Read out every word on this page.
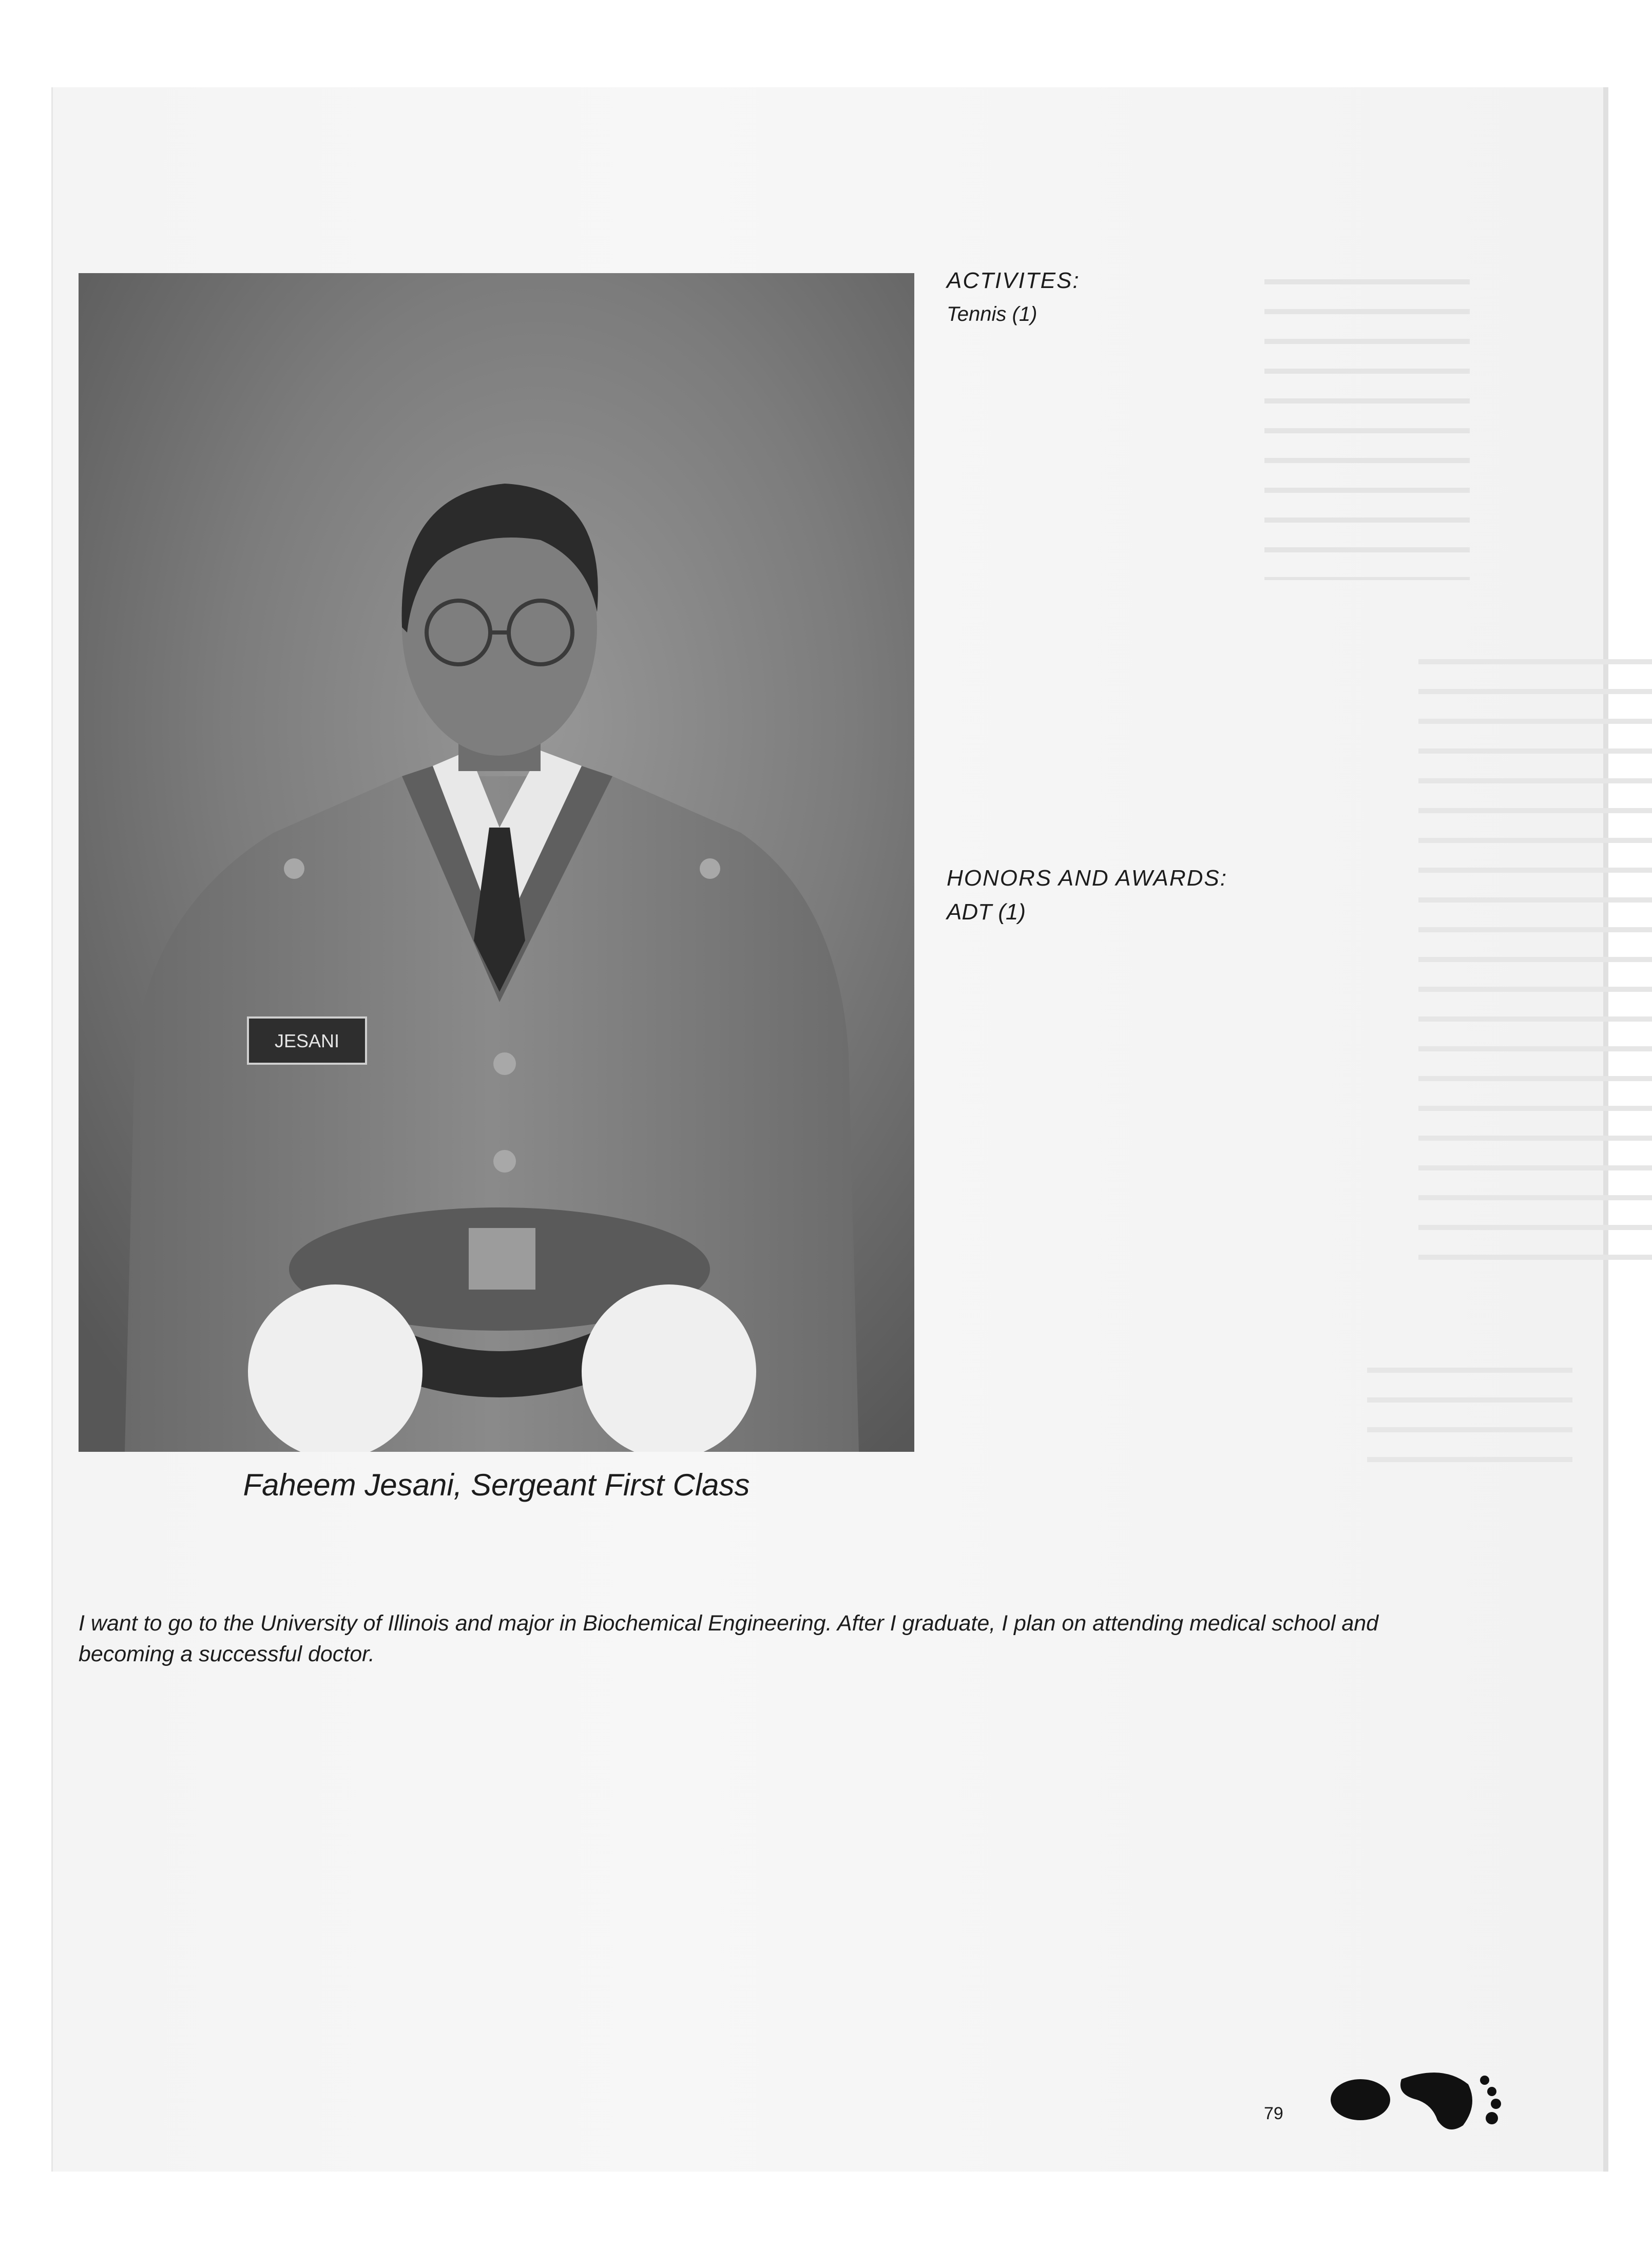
JESANI
ACTIVITES:
Tennis (1)
HONORS AND AWARDS:
ADT (1)
Faheem Jesani, Sergeant First Class
I want to go to the University of Illinois and major in Biochemical Engineering. After I graduate, I plan on attending medical school and becoming a successful doctor.
79
